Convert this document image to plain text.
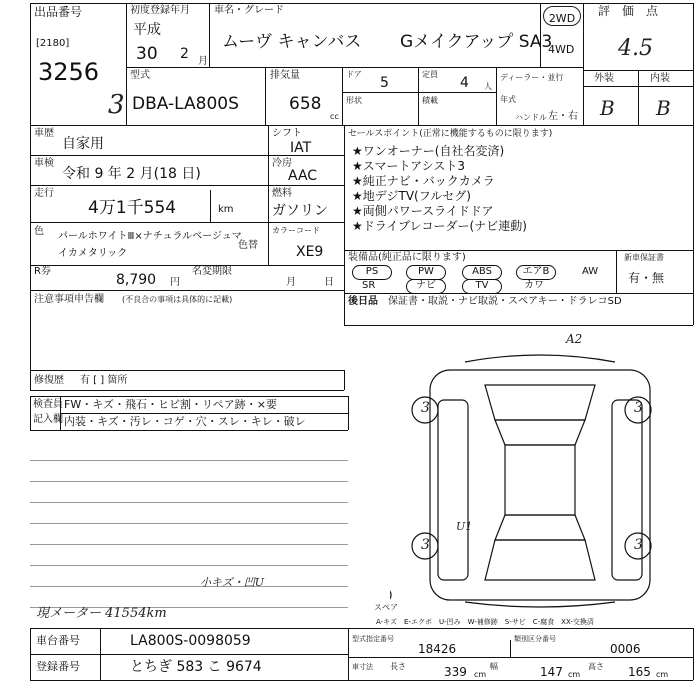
出品番号
[2180]
3256
3
初度登録年月
平成
30 2 月
車名・グレード
ムーヴ キャンバス Gメイクアップ SA3
2WD
4WD
評　価　点
4.5
外装	内装
B B
型式
DBA-LA800S
排気量
658
cc
ドア
5
形状
定員
4 人
積載
ディーラー・並行
年式
ハンドル 左・右
車歴
自家用
シフト
IAT
車検
令和 9 年 2 月(18 日)
冷房
AAC
走行
4万1千554	km
燃料
ガソリン
色 パールホワイトⅢ×ナチュラルベージュマ
イカメタリック
色替
カラーコード
XE9
R券
8,790 円
名変期限
月	日
セールスポイント(正常に機能するものに限ります)
★ワンオーナー(自社名変済)
★スマートアシスト3
★純正ナビ・バックカメラ
★地デジTV(フルセグ)
★両側パワースライドドア
★ドライブレコーダー(ナビ連動)
装備品(純正品に限ります)	新車保証書
有・無
PS	PW	ABS	エアB	AW
SR	ナビ	TV	カワ
後日品 保証書・取説・ナビ取説・スペアキー・ドラレコSD
注意事項申告欄 (不良合の事項は具体的に記載)
修復歴 有 [ ] 箇所
検査員
記入欄
FW・キズ・飛石・ヒビ割・リペア跡・×要
内装・キズ・汚レ・コゲ・穴・スレ・キレ・破レ
小キズ・凹U
現メーター 41554km
3	3
3	3
A2
U1
スペア
A-キズ　E-エクボ　U-凹み　W-補修跡　S-サビ　C-腐食　XX-交換済
車台番号	LA800S-0098059
登録番号	とちぎ 583 こ 9674
型式指定番号
18426
類別区分番号
0006
車寸法 長さ	339 cm
幅	147 cm
高さ 165 cm
